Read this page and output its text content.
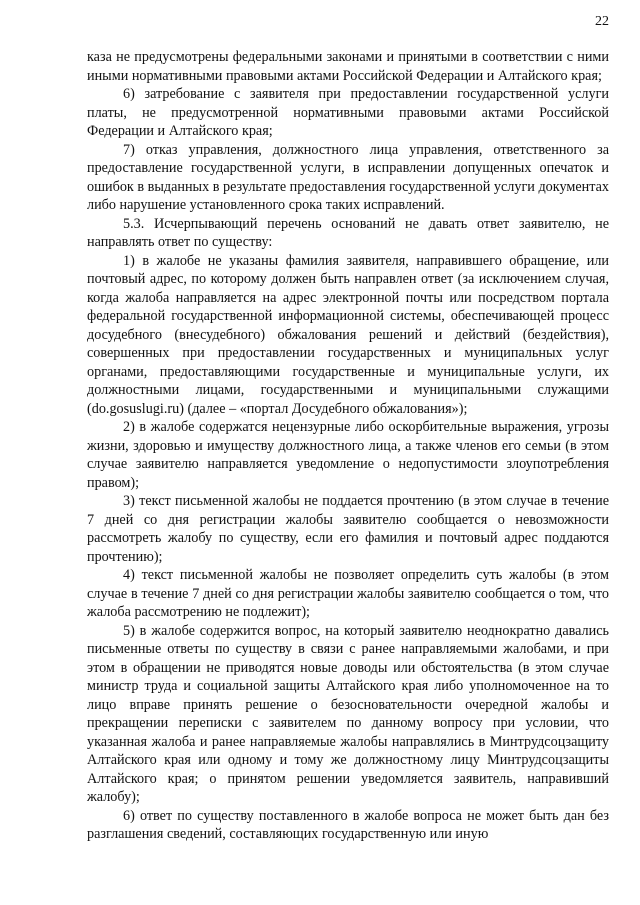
22

каза не предусмотрены федеральными законами и принятыми в соответствии с ними иными нормативными правовыми актами Российской Федерации и Алтайского края;

6) затребование с заявителя при предоставлении государственной услуги платы, не предусмотренной нормативными правовыми актами Российской Федерации и Алтайского края;

7) отказ управления, должностного лица управления, ответственного за предоставление государственной услуги, в исправлении допущенных опечаток и ошибок в выданных в результате предоставления государственной услуги документах либо нарушение установленного срока таких исправлений.

5.3. Исчерпывающий перечень оснований не давать ответ заявителю, не направлять ответ по существу:

1) в жалобе не указаны фамилия заявителя, направившего обращение, или почтовый адрес, по которому должен быть направлен ответ (за исключением случая, когда жалоба направляется на адрес электронной почты или посредством портала федеральной государственной информационной системы, обеспечивающей процесс досудебного (внесудебного) обжалования решений и действий (бездействия), совершенных при предоставлении государственных и муниципальных услуг органами, предоставляющими государственные и муниципальные услуги, их должностными лицами, государственными и муниципальными служащими (do.gosuslugi.ru) (далее – «портал Досудебного обжалования»);

2) в жалобе содержатся нецензурные либо оскорбительные выражения, угрозы жизни, здоровью и имуществу должностного лица, а также членов его семьи (в этом случае заявителю направляется уведомление о недопустимости злоупотребления правом);

3) текст письменной жалобы не поддается прочтению (в этом случае в течение 7 дней со дня регистрации жалобы заявителю сообщается о невозможности рассмотреть жалобу по существу, если его фамилия и почтовый адрес поддаются прочтению);

4) текст письменной жалобы не позволяет определить суть жалобы (в этом случае в течение 7 дней со дня регистрации жалобы заявителю сообщается о том, что жалоба рассмотрению не подлежит);

5) в жалобе содержится вопрос, на который заявителю неоднократно давались письменные ответы по существу в связи с ранее направляемыми жалобами, и при этом в обращении не приводятся новые доводы или обстоятельства (в этом случае министр труда и социальной защиты Алтайского края либо уполномоченное на то лицо вправе принять решение о безосновательности очередной жалобы и прекращении переписки с заявителем по данному вопросу при условии, что указанная жалоба и ранее направляемые жалобы направлялись в Минтрудсоцзащиту Алтайского края или одному и тому же должностному лицу Минтрудсоцзащиты Алтайского края; о принятом решении уведомляется заявитель, направивший жалобу);

6) ответ по существу поставленного в жалобе вопроса не может быть дан без разглашения сведений, составляющих государственную или иную
